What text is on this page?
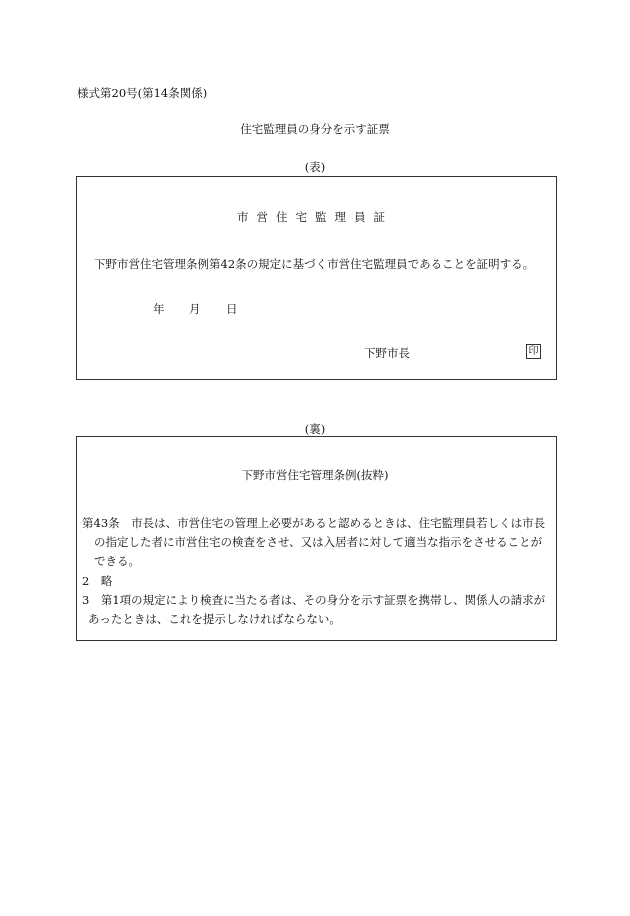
様式第20号(第14条関係)
住宅監理員の身分を示す証票
(表)
市営住宅監理員証
下野市営住宅管理条例第42条の規定に基づく市営住宅監理員であることを証明する。
年 月 日
下野市長	印
(裏)
下野市営住宅管理条例(抜粋)
第43条　市長は、市営住宅の管理上必要があると認めるときは、住宅監理員若しくは市長
の指定した者に市営住宅の検査をさせ、又は入居者に対して適当な指示をさせることが
できる。
2　略
3　第1項の規定により検査に当たる者は、その身分を示す証票を携帯し、関係人の請求が
あったときは、これを提示しなければならない。
